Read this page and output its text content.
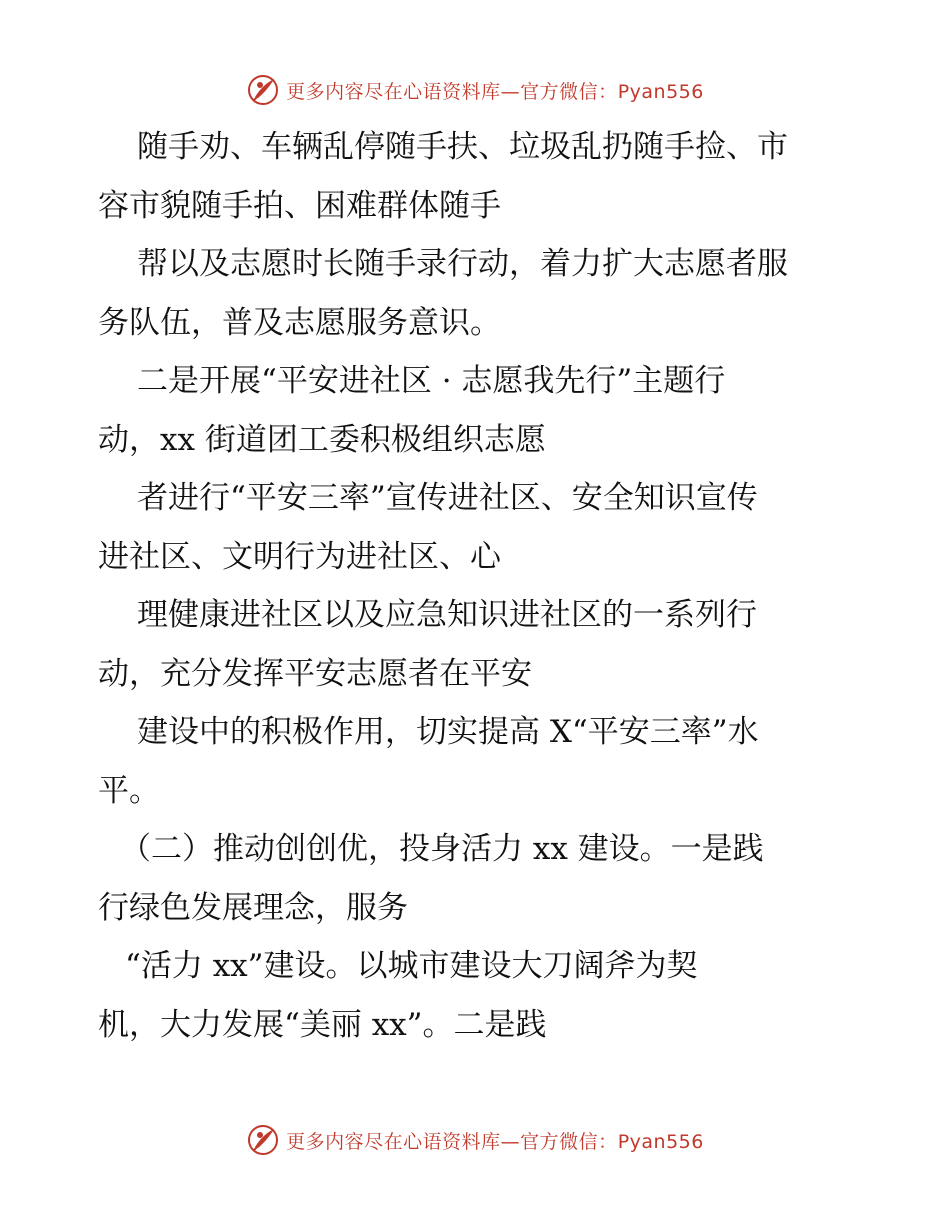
更多内容尽在心语资料库—官方微信：Pyan556
随手劝、车辆乱停随手扶、垃圾乱扔随手捡、市
容市貌随手拍、困难群体随手
帮以及志愿时长随手录行动，着力扩大志愿者服
务队伍，普及志愿服务意识。
二是开展“平安进社区 · 志愿我先行”主题行
动，xx 街道团工委积极组织志愿
者进行“平安三率”宣传进社区、安全知识宣传
进社区、文明行为进社区、心
理健康进社区以及应急知识进社区的一系列行
动，充分发挥平安志愿者在平安
建设中的积极作用，切实提高 X“平安三率”水
平。
（二）推动创创优，投身活力 xx 建设。一是践
行绿色发展理念，服务
“活力 xx”建设。以城市建设大刀阔斧为契
机，大力发展“美丽 xx”。二是践
更多内容尽在心语资料库—官方微信：Pyan556
